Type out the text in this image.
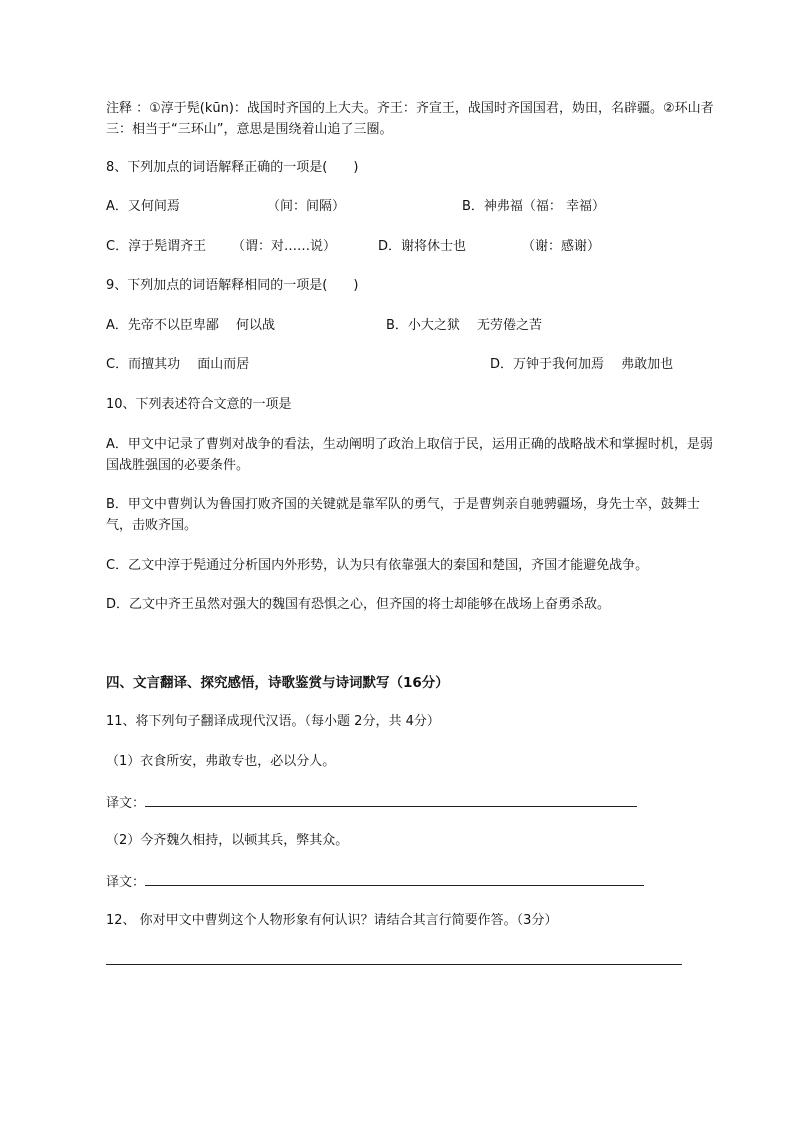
注释 ：①淳于髡(kūn)：战国时齐国的上大夫。齐王：齐宣王，战国时齐国国君，妫田，名辟疆。②环山者三：相当于“三环山”，意思是围绕着山追了三圈。
8、下列加点的词语解释正确的一项是(　　)
A．又何间焉	（间：间隔）	B．神弗福（福： 幸福）
C．淳于髡谓齐王 （谓：对……说）	D．谢将休士也	（谢：感谢）
9、下列加点的词语解释相同的一项是(　　)
A．先帝不以臣卑鄙　 何以战	B．小大之狱　 无劳倦之苦
C．而擅其功　 面山而居	D．万钟于我何加焉　 弗敢加也
10、下列表述符合文意的一项是
A．甲文中记录了曹刿对战争的看法，生动阐明了政治上取信于民，运用正确的战略战术和掌握时机，是弱国战胜强国的必要条件。
B．甲文中曹刿认为鲁国打败齐国的关键就是靠军队的勇气，于是曹刿亲自驰骋疆场，身先士卒，鼓舞士气，击败齐国。
C．乙文中淳于髡通过分析国内外形势，认为只有依靠强大的秦国和楚国，齐国才能避免战争。
D．乙文中齐王虽然对强大的魏国有恐惧之心，但齐国的将士却能够在战场上奋勇杀敌。
四、文言翻译、探究感悟，诗歌鉴赏与诗词默写（16分）
11、将下列句子翻译成现代汉语。（每小题 2分，共 4分）
（1）衣食所安，弗敢专也，必以分人。
译文：
（2）今齐魏久相持，以顿其兵，弊其众。
译文：
12、 你对甲文中曹刿这个人物形象有何认识？请结合其言行简要作答。（3分）
